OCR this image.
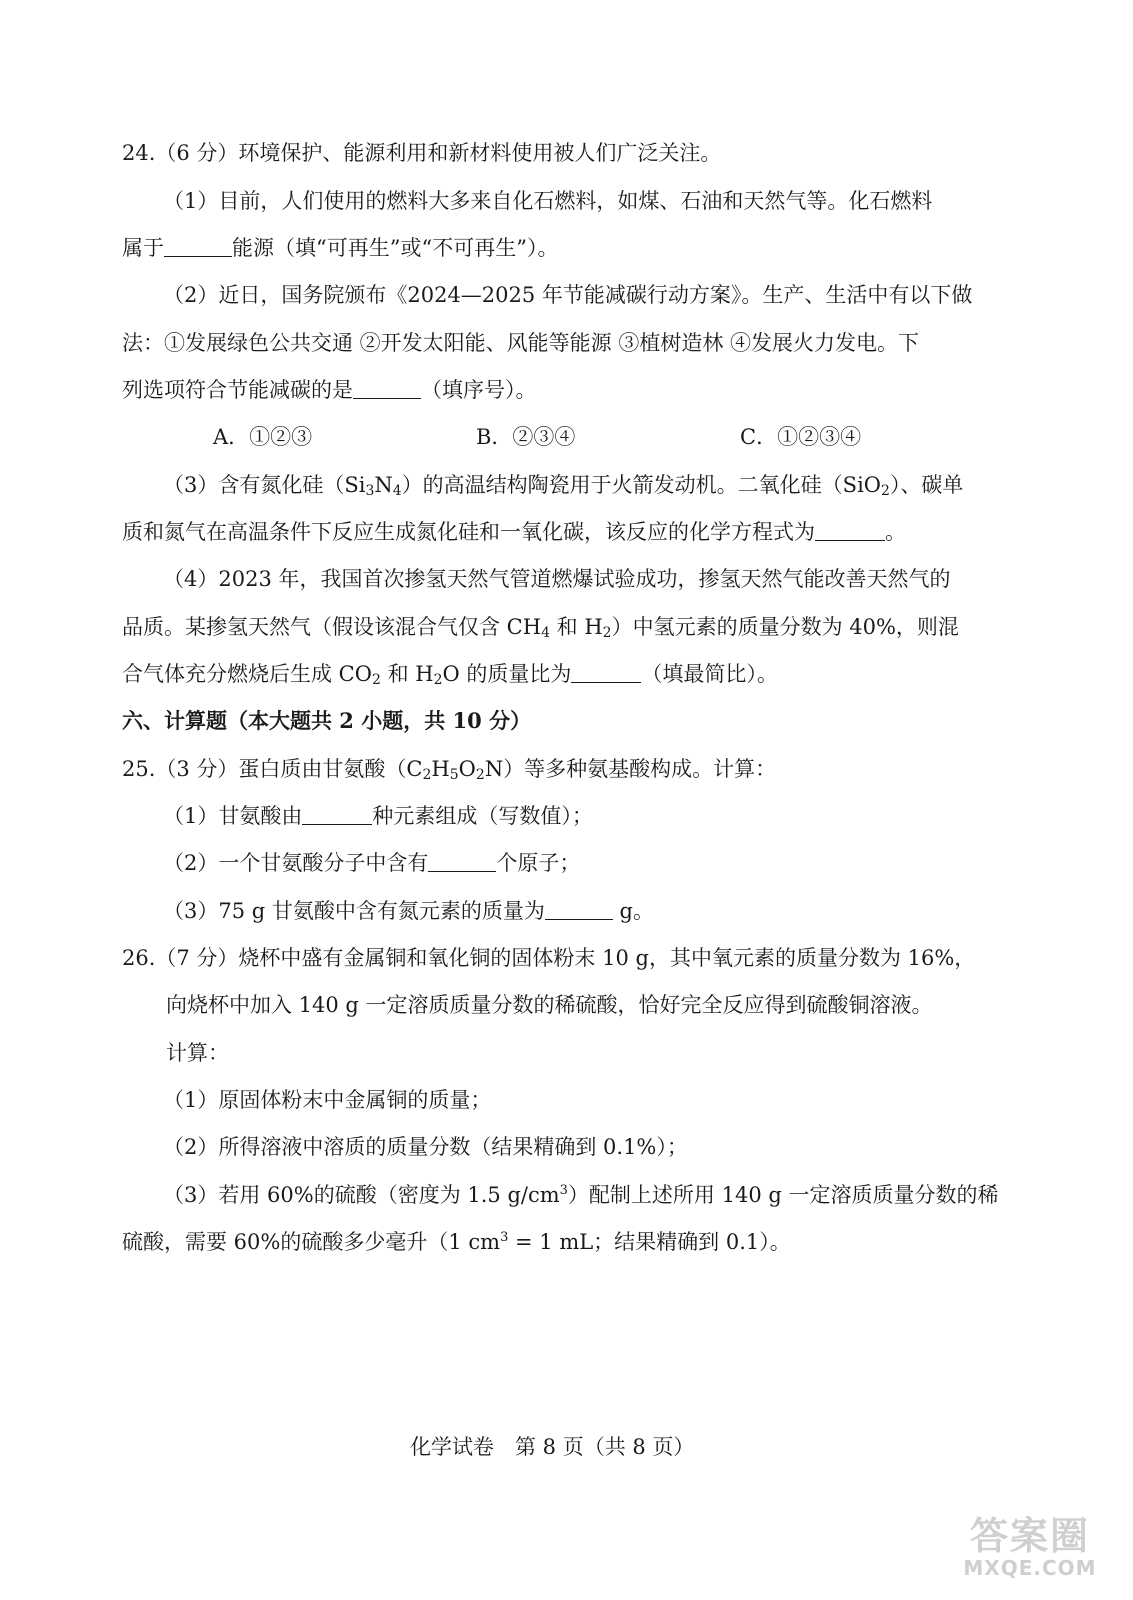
24.（6 分）环境保护、能源利用和新材料使用被人们广泛关注。
（1）目前，人们使用的燃料大多来自化石燃料，如煤、石油和天然气等。化石燃料
属于	能源（填“可再生”或“不可再生”）。
（2）近日，国务院颁布《2024—2025 年节能减碳行动方案》。生产、生活中有以下做
法：①发展绿色公共交通 ②开发太阳能、风能等能源 ③植树造林 ④发展火力发电。下
列选项符合节能减碳的是	（填序号）。
A．①②③	B．②③④	C．①②③④
（3）含有氮化硅$(Si_3N_4)$的高温结构陶瓷用于火箭发动机。二氧化硅（SiO$_2$）、碳单
质和氮气在高温条件下反应生成氮化硅和一氧化碳，该反应的化学方程式为	。
（4）2023 年，我国首次掺氢天然气管道燃爆试验成功，掺氢天然气能改善天然气的
品质。某掺氢天然气（假设该混合气仅含 $CH_4$ 和 $H_2$）中氢元素的质量分数为 40%，则混
合气体充分燃烧后生成 $CO_2$ 和 $H_2O$ 的质量比为	（填最简比）。
六、计算题（本大题共 2 小题，共 10 分）
25.（3 分）蛋白质由甘氨酸$(C_2H_5O_2N)$等多种氨基酸构成。计算：
（1）甘氨酸由	种元素组成（写数值）；
（2）一个甘氨酸分子中含有	个原子；
（3）75 g 甘氨酸中含有氮元素的质量为	g。
26.（7 分）烧杯中盛有金属铜和氧化铜的固体粉末 10 g，其中氧元素的质量分数为 16%，
向烧杯中加入 140 g 一定溶质质量分数的稀硫酸，恰好完全反应得到硫酸铜溶液。
计算：
（1）原固体粉末中金属铜的质量；
（2）所得溶液中溶质的质量分数（结果精确到 0.1%）；
（3）若用 60%的硫酸（密度为 1.5 $g/cm^3$）配制上述所用 140 g 一定溶质质量分数的稀
硫酸，需要 60%的硫酸多少毫升（1 $cm^3 = 1$ mL；结果精确到 0.1）。
化学试卷　第 8 页（共 8 页）
答案圈
MXQE.COM
